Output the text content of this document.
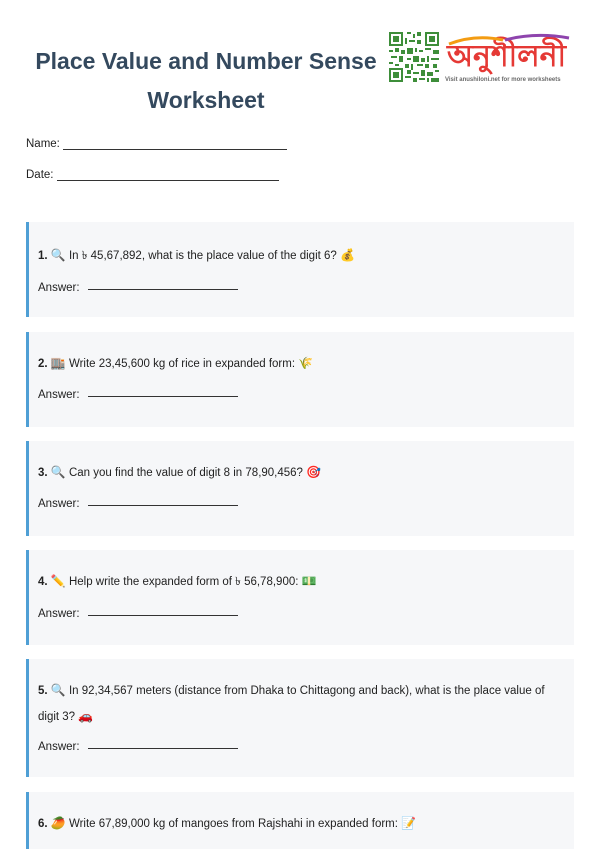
Place Value and Number Sense
Worksheet
অনুশীলনী
Visit anushiloni.net for more worksheets
Name:
Date:
1. 🔍 In ৳ 45,67,892, what is the place value of the digit 6? 💰
Answer:
2. 🏬 Write 23,45,600 kg of rice in expanded form: 🌾
Answer:
3. 🔍 Can you find the value of digit 8 in 78,90,456? 🎯
Answer:
4. ✏️ Help write the expanded form of ৳ 56,78,900: 💵
Answer:
5. 🔍 In 92,34,567 meters (distance from Dhaka to Chittagong and back), what is the place value of digit 3? 🚗
Answer:
6. 🥭 Write 67,89,000 kg of mangoes from Rajshahi in expanded form: 📝
